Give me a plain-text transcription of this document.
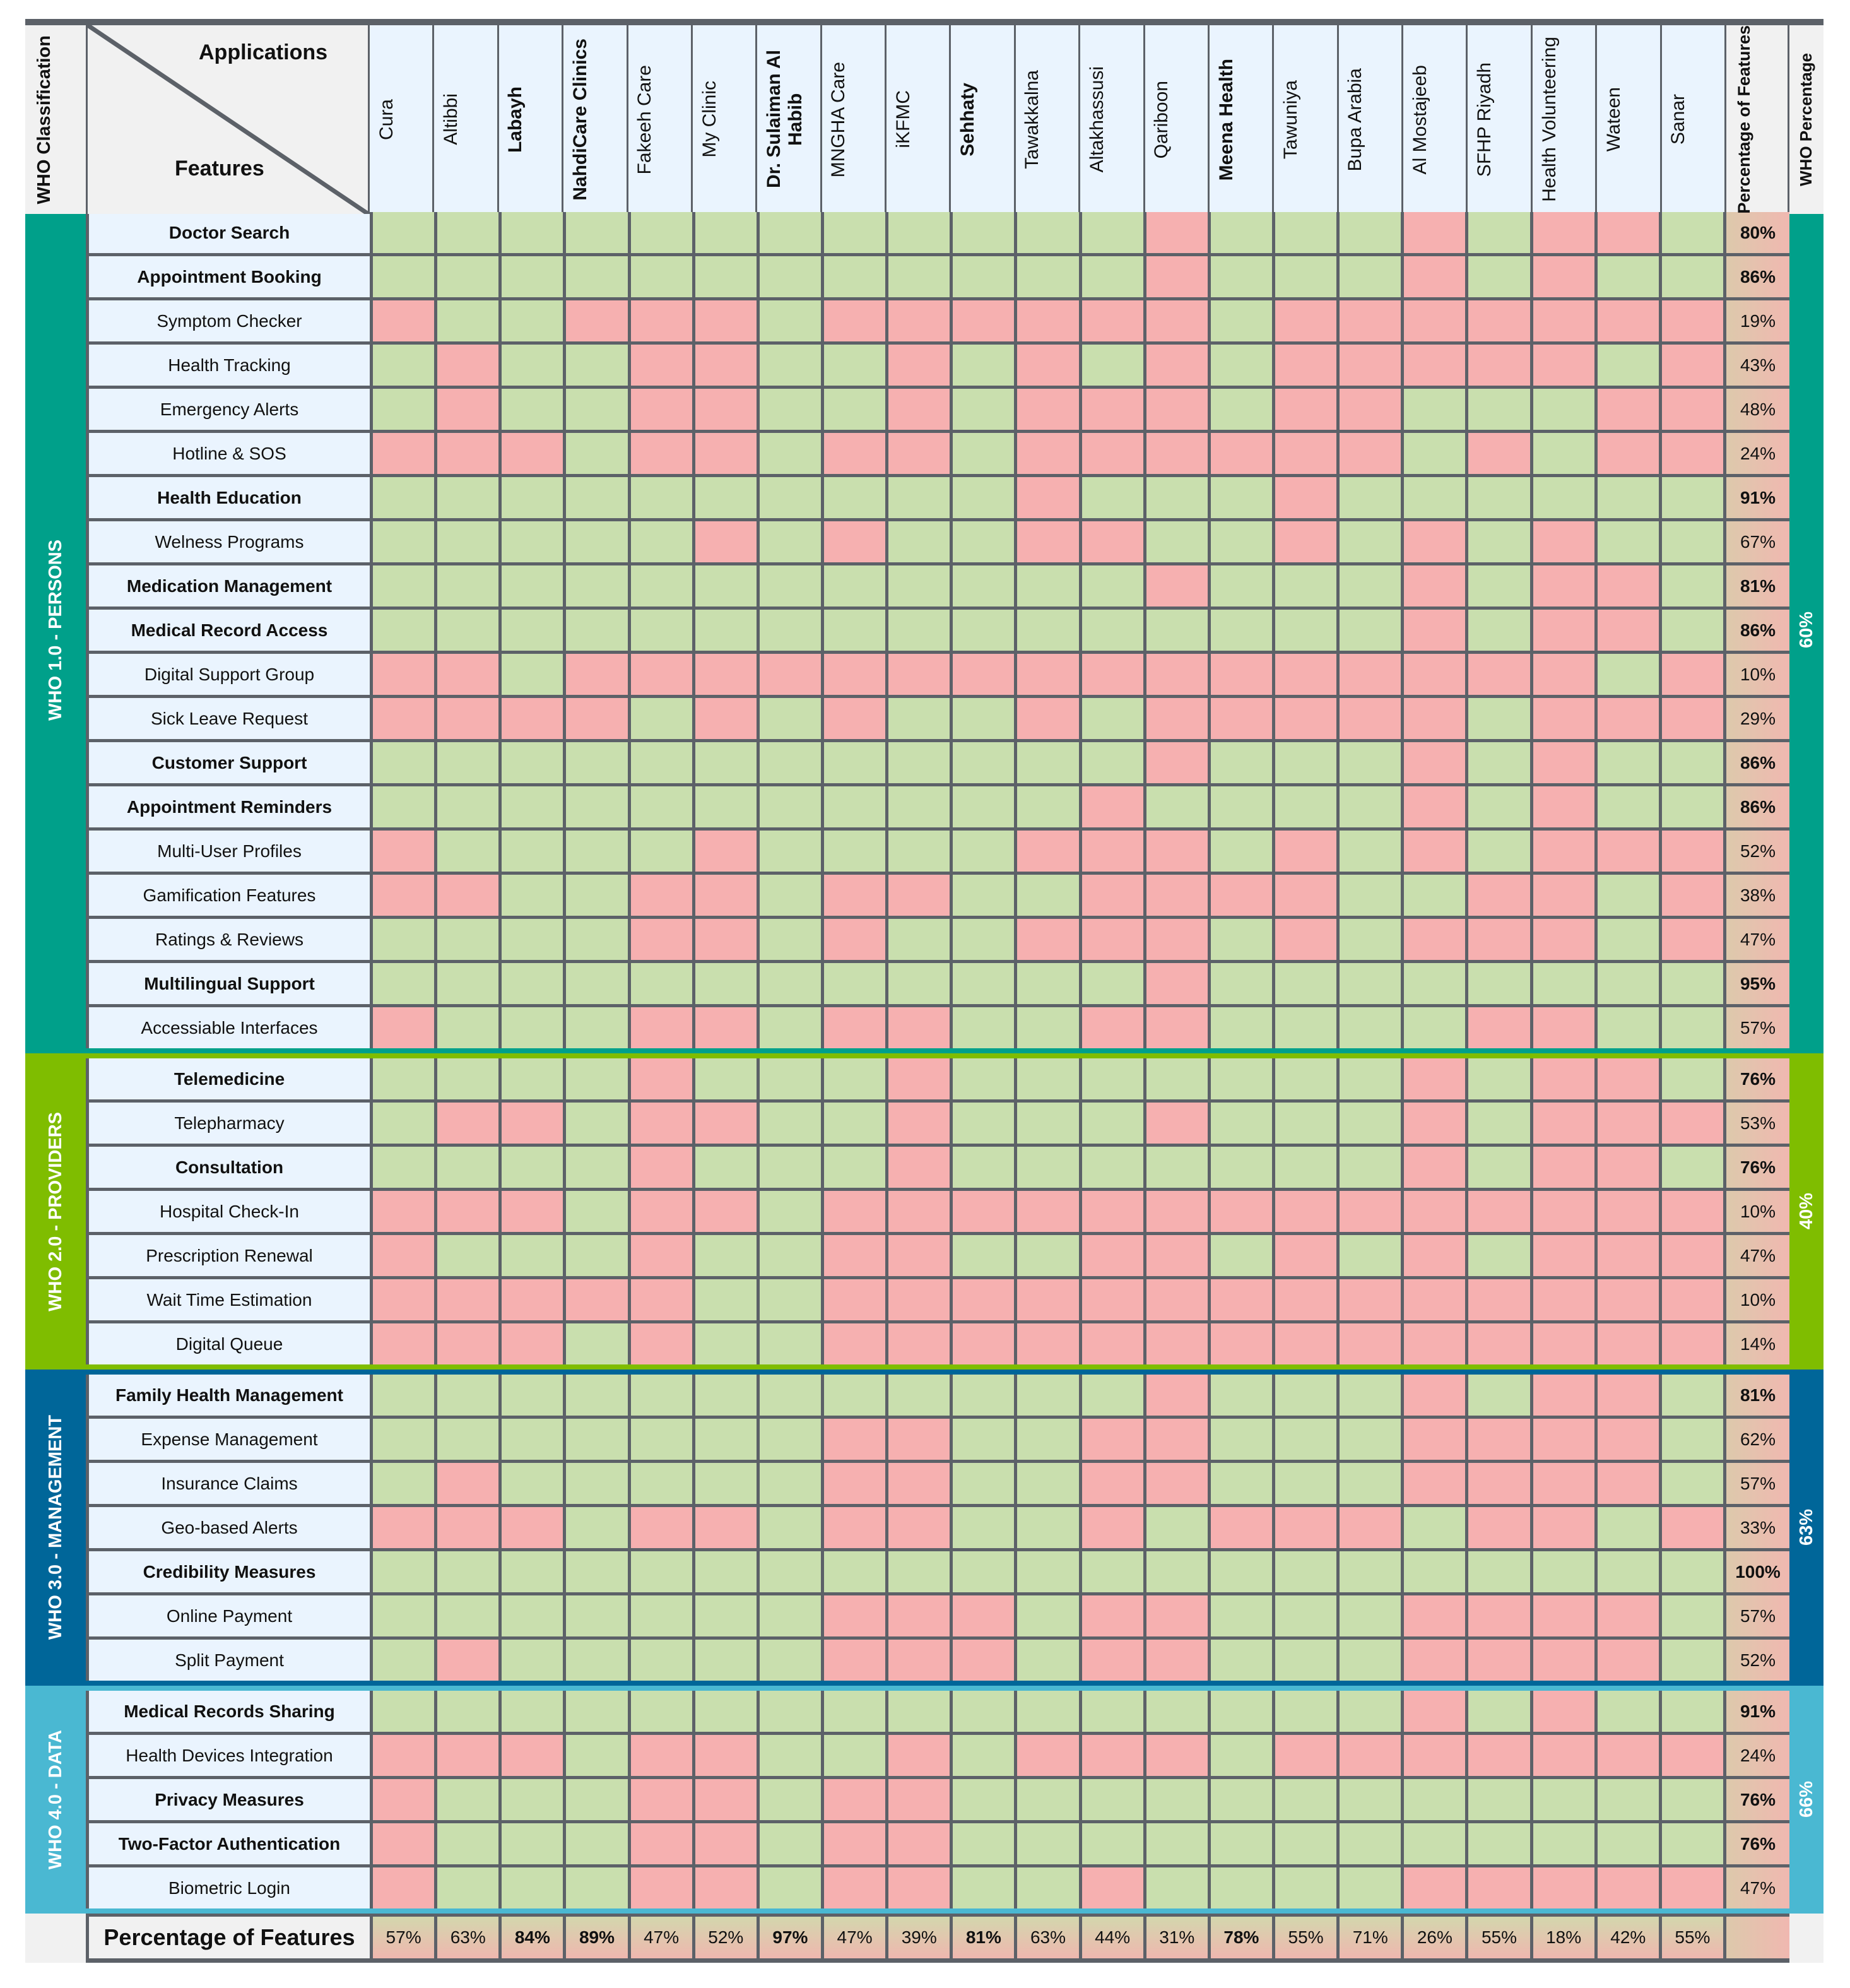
WHO Classification	Applications
Features
Cura	Altibbi	Labayh	NahdiCare Clinics	Fakeeh Care	My Clinic	Dr. Sulaiman Al Habib	MNGHA Care	iKFMC	Sehhaty	Tawakkalna	Altakhassusi	Qariboon	Meena Health	Tawuniya	Bupa Arabia	Al Mostajeeb	SFHP Riyadh	Health Volunteering	Wateen	Sanar	Percentage of Features	WHO Percentage
WHO 1.0 - PERSONS
Doctor Search	80%
Appointment Booking	86%
Symptom Checker	19%
Health Tracking	43%
Emergency Alerts	48%
Hotline & SOS	24%
Health Education	91%
Welness Programs	67%
Medication Management	81%
Medical Record Access	86%
Digital Support Group	10%
Sick Leave Request	29%
Customer Support	86%
Appointment Reminders	86%
Multi-User Profiles	52%
Gamification Features	38%
Ratings & Reviews	47%
Multilingual Support	95%
Accessiable Interfaces	57%
60%
WHO 2.0 - PROVIDERS
Telemedicine	76%
Telepharmacy	53%
Consultation	76%
Hospital Check-In	10%
Prescription Renewal	47%
Wait Time Estimation	10%
Digital Queue	14%
40%
WHO 3.0 - MANAGEMENT
Family Health Management	81%
Expense Management	62%
Insurance Claims	57%
Geo-based Alerts	33%
Credibility Measures	100%
Online Payment	57%
Split Payment	52%
63%
WHO 4.0 - DATA
Medical Records Sharing	91%
Health Devices Integration	24%
Privacy Measures	76%
Two-Factor Authentication	76%
Biometric Login	47%
66%
Percentage of Features	57%	63%	84%	89%	47%	52%	97%	47%	39%	81%	63%	44%	31%	78%	55%	71%	26%	55%	18%	42%	55%
